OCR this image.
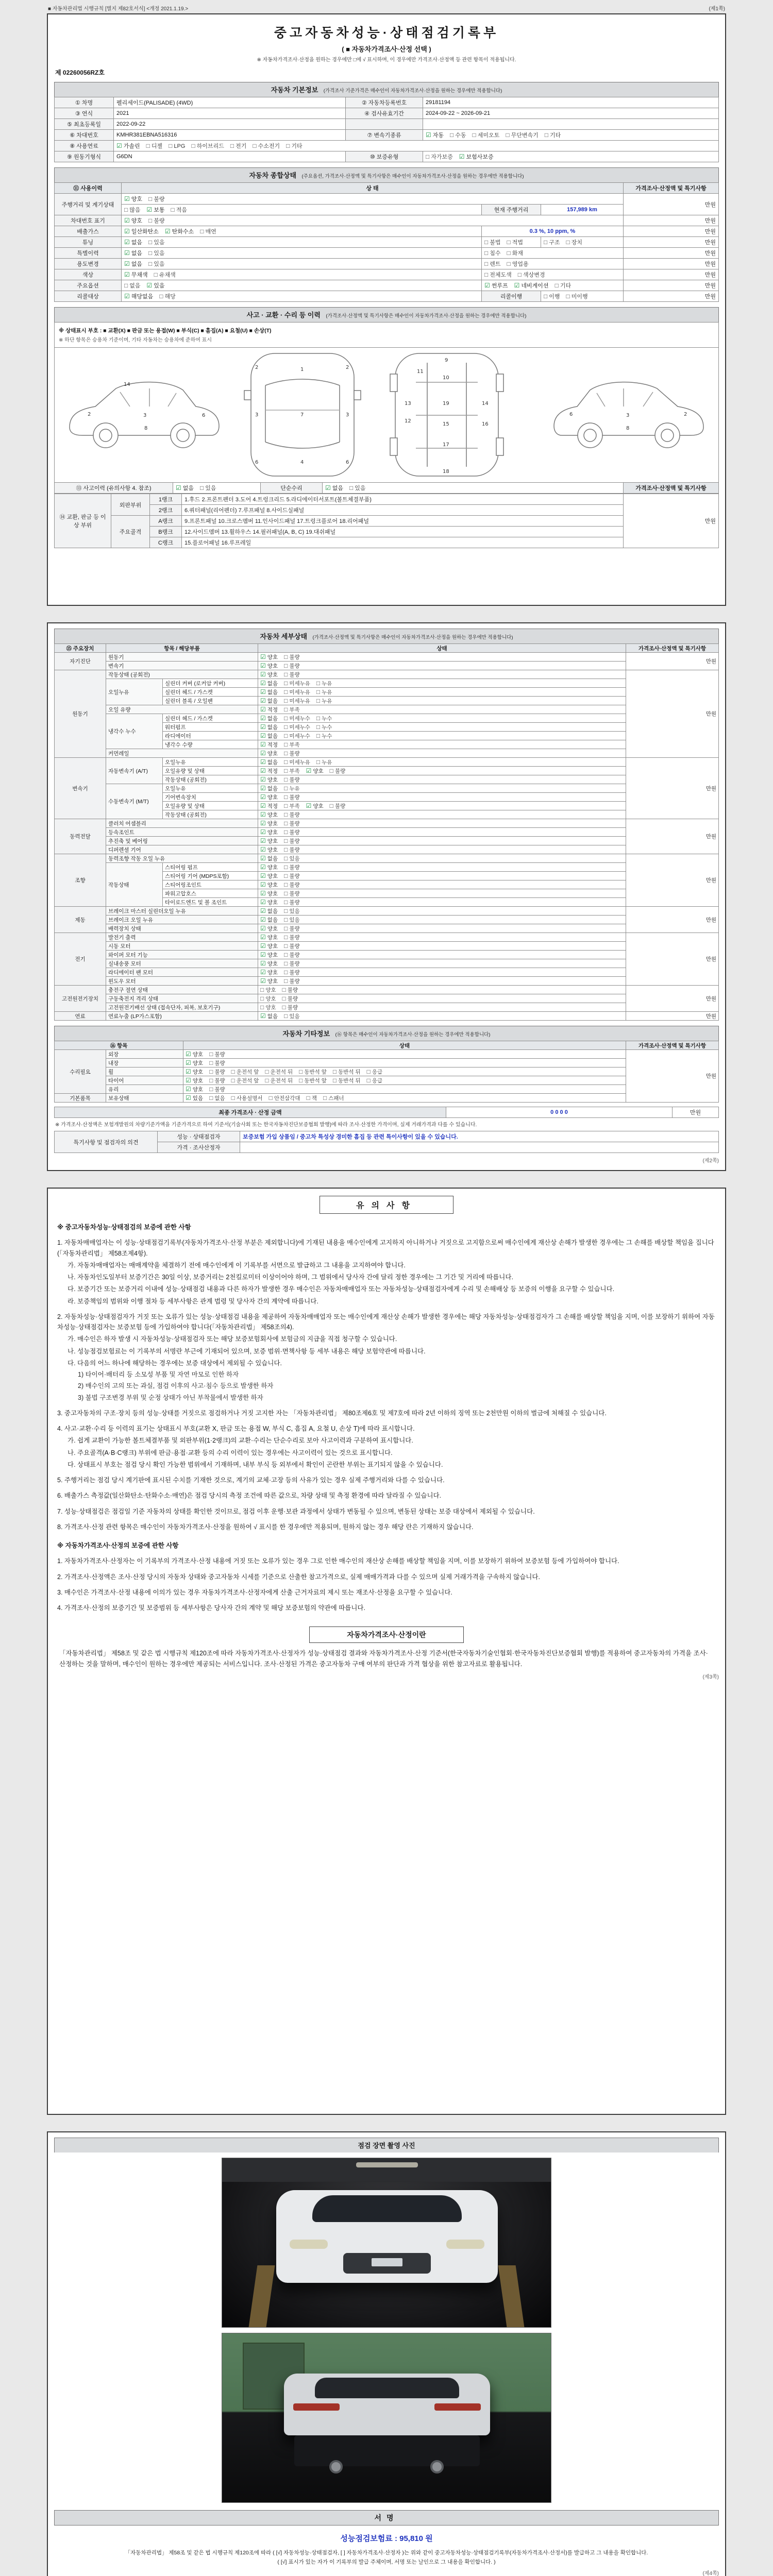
■ 자동차관리법 시행규칙 [별지 제82호서식] <개정 2021.1.19.>	(제1쪽)
중고자동차성능·상태점검기록부
( ■ 자동차가격조사·산정 선택 )
※ 자동차가격조사·산정을 원하는 경우에만 □에 √ 표시하며, 이 경우에만 가격조사·산정액 등 관련 항목이 적용됩니다.
제 02260056RZ호
자동차 기본정보 (가격조사 기준가격은 매수인이 자동차가격조사·산정을 원하는 경우에만 적용합니다)
① 차명	펠리세이드(PALISADE) (4WD)	② 자동차등록번호	29181194
③ 연식	2021	④ 검사유효기간	2024-09-22 ~ 2026-09-21
⑤ 최초등록일	2022-09-22		
⑥ 차대번호	KMHR381EBNA516316	⑦ 변속기종류	☑ 자동 □ 수동 □ 세미오토 □ 무단변속기 □ 기타

⑧ 사용연료	☑ 가솔린 □ 디젤 □ LPG □ 하이브리드 □ 전기 □ 수소전기 □ 기타

⑨ 원동기형식	G6DN	⑩ 보증유형	□ 자가보증 ☑ 보험사보증
자동차 종합상태 (주요옵션, 가격조사·산정액 및 특기사항은 매수인이 자동차가격조사·산정을 원하는 경우에만 적용합니다)
⑪ 사용이력	상 태			가격조사·산정액 및 특기사항
주행거리 및 계기상태	☑ 양호 □ 불량			만원

	□ 많음 ☑ 보통 □ 적음	현재 주행거리	157,989 km	
차대번호 표기	☑ 양호 □ 불량			만원
배출가스	☑ 일산화탄소 ☑ 탄화수소 □ 매연	0.3 %, 10 ppm, %		만원
튜닝	☑ 없음 □ 있음	□ 불법 □ 적법	□ 구조 □ 장치	만원
특별이력	☑ 없음 □ 있음	□ 침수 □ 화재		만원
용도변경	☑ 없음 □ 있음	□ 렌트 □ 영업용		만원
색상	☑ 무채색 □ 유채색	□ 전체도색 □ 색상변경		만원
주요옵션	□ 없음 ☑ 있음	☑ 썬루프 ☑ 네비게이션 □ 기타		만원
리콜대상	☑ 해당없음 □ 해당	리콜이행	□ 이행 □ 미이행	만원
사고 · 교환 · 수리 등 이력 (가격조사·산정액 및 특기사항은 매수인이 자동차가격조사·산정을 원하는 경우에만 적용합니다)
※ 상태표시 부호 : ■ 교환(X) ■ 판금 또는 용접(W) ■ 부식(C) ■ 흠집(A) ■ 요철(U) ■ 손상(T)
※ 하단 항목은 승용차 기준이며, 기타 자동차는 승용차에 준하여 표시
2	3	6
8
14
1
7
4
2	2
3	3
6	6
9
10
11
13
12
14
19
15	16
17
18
6	3	2
8
⑬ 사고이력 (유의사항 4. 참조)	☑ 없음 □ 있음	단순수리	☑ 없음 □ 있음	가격조사·산정액 및 특기사항
⑭ 교환, 판금 등 이상 부위	외판부위	1랭크	1.후드 2.프론트펜더 3.도어 4.트렁크리드 5.라디에이터서포트(볼트체결부품)	만원
		2랭크	6.쿼터패널(리어펜더) 7.루프패널 8.사이드실패널	
	주요골격	A랭크	9.프론트패널 10.크로스멤버 11.인사이드패널 17.트렁크플로어 18.리어패널	
		B랭크	12.사이드멤버 13.휠하우스 14.필러패널(A, B, C) 19.대쉬패널	
		C랭크	15.플로어패널 16.루프레일	
자동차 세부상태 (가격조사·산정액 및 특기사항은 매수인이 자동차가격조사·산정을 원하는 경우에만 적용합니다)
⑮ 주요장치	항목 / 해당부품		상태	가격조사·산정액 및 특기사항
자기진단	원동기		☑ 양호 □ 불량	만원
	변속기		☑ 양호 □ 불량	

원동기	작동상태 (공회전)		☑ 양호 □ 불량	만원
	오일누유	실린더 커버 (로커암 커버)	☑ 없음 □ 미세누유 □ 누유	

		실린더 헤드 / 가스켓	☑ 없음 □ 미세누유 □ 누유	

		실린더 블록 / 오일팬	☑ 없음 □ 미세누유 □ 누유	

	오일 유량		☑ 적정 □ 부족	

	냉각수 누수	실린더 헤드 / 가스켓	☑ 없음 □ 미세누수 □ 누수	

		워터펌프	☑ 없음 □ 미세누수 □ 누수	

		라디에이터	☑ 없음 □ 미세누수 □ 누수	

		냉각수 수량	☑ 적정 □ 부족	

	커먼레일		☑ 양호 □ 불량	

변속기	자동변속기 (A/T)	오일누유	☑ 없음 □ 미세누유 □ 누유	만원
		오일유량 및 상태	☑ 적정 □ 부족 ☑ 양호 □ 불량	

		작동상태 (공회전)	☑ 양호 □ 불량	

	수동변속기 (M/T)	오일누유	☑ 없음 □ 누유	

		기어변속장치	☑ 양호 □ 불량	

		오일유량 및 상태	☑ 적정 □ 부족 ☑ 양호 □ 불량	

		작동상태 (공회전)	☑ 양호 □ 불량	

동력전달	클러치 어셈블리		☑ 양호 □ 불량	만원
	등속조인트		☑ 양호 □ 불량	

	추진축 및 베어링		☑ 양호 □ 불량	

	디퍼렌셜 기어		☑ 양호 □ 불량	

조향	동력조향 작동 오일 누유		☑ 없음 □ 있음	만원
	작동상태	스티어링 펌프	☑ 양호 □ 불량	

		스티어링 기어 (MDPS포함)	☑ 양호 □ 불량	

		스티어링조인트	☑ 양호 □ 불량	

		파워고압호스	☑ 양호 □ 불량	

		타이로드엔드 및 볼 조인트	☑ 양호 □ 불량	

제동	브레이크 마스터 실린더오일 누유		☑ 없음 □ 있음	만원
	브레이크 오일 누유		☑ 없음 □ 있음	

	배력장치 상태		☑ 양호 □ 불량	

전기	발전기 출력		☑ 양호 □ 불량	만원
	시동 모터		☑ 양호 □ 불량	

	와이퍼 모터 기능		☑ 양호 □ 불량	

	실내송풍 모터		☑ 양호 □ 불량	

	라디에이터 팬 모터		☑ 양호 □ 불량	

	윈도우 모터		☑ 양호 □ 불량	

고전원전기장치	충전구 절연 상태		□ 양호 □ 불량	만원
	구동축전지 격리 상태		□ 양호 □ 불량	

	고전원전기배선 상태 (접속단자, 피복, 보호기구)		□ 양호 □ 불량	

연료	연료누출 (LP가스포함)		☑ 없음 □ 있음	만원
자동차 기타정보 (⑯ 항목은 매수인이 자동차가격조사·산정을 원하는 경우에만 적용합니다)
⑯ 항목		상태	가격조사·산정액 및 특기사항
수리필요	외장	☑ 양호 □ 불량	만원
	내장	☑ 양호 □ 불량	

휠	☑ 양호 □ 불량 □ 운전석 앞 □ 운전석 뒤 □ 동반석 앞 □ 동반석 뒤 □ 응급

타이어	☑ 양호 □ 불량 □ 운전석 앞 □ 운전석 뒤 □ 동반석 앞 □ 동반석 뒤 □ 응급

	유리	☑ 양호 □ 불량	

기본품목	보유상태	☑ 있음 □ 없음 □ 사용설명서 □ 안전삼각대 □ 잭 □ 스패너
최종 가격조사 · 산정 금액	0 0 0 0	만원
※ 가격조사·산정액은 보험개발원의 차량기준가액을 기준가격으로 하여 기준서(기술사회 또는 한국자동차진단보증협회 발행)에 따라 조사·산정한 가격이며, 실제 거래가격과 다를 수 있습니다.
특기사항 및 점검자의 의견	성능 · 상태점검자	보증보험 가입 상품임 / 중고차 특성상 경미한 흠집 등 관련 특이사항이 있을 수 있습니다.
	가격 · 조사산정자	
(제2쪽)
유의사항
※ 중고자동차성능·상태점검의 보증에 관한 사항
1. 자동차매매업자는 이 성능·상태점검기록부(자동차가격조사·산정 부분은 제외합니다)에 기재된 내용을 매수인에게 고지하지 아니하거나 거짓으로 고지함으로써 매수인에게 재산상 손해가 발생한 경우에는 그 손해를 배상할 책임을 집니다(「자동차관리법」 제58조제4항).
가. 자동차매매업자는 매매계약을 체결하기 전에 매수인에게 이 기록부를 서면으로 발급하고 그 내용을 고지하여야 합니다.
나. 자동차인도일부터 보증기간은 30일 이상, 보증거리는 2천킬로미터 이상이어야 하며, 그 범위에서 당사자 간에 달리 정한 경우에는 그 기간 및 거리에 따릅니다.
다. 보증기간 또는 보증거리 이내에 성능·상태점검 내용과 다른 하자가 발생한 경우 매수인은 자동차매매업자 또는 자동차성능·상태점검자에게 수리 및 손해배상 등 보증의 이행을 요구할 수 있습니다.
라. 보증책임의 범위와 이행 절차 등 세부사항은 관계 법령 및 당사자 간의 계약에 따릅니다.
2. 자동차성능·상태점검자가 거짓 또는 오류가 있는 성능·상태점검 내용을 제공하여 자동차매매업자 또는 매수인에게 재산상 손해가 발생한 경우에는 해당 자동차성능·상태점검자가 그 손해를 배상할 책임을 지며, 이를 보장하기 위하여 자동차성능·상태점검자는 보증보험 등에 가입하여야 합니다(「자동차관리법」 제58조의4).
가. 매수인은 하자 발생 시 자동차성능·상태점검자 또는 해당 보증보험회사에 보험금의 지급을 직접 청구할 수 있습니다.
나. 성능점검보험료는 이 기록부의 서명란 부근에 기재되어 있으며, 보증 범위·면책사항 등 세부 내용은 해당 보험약관에 따릅니다.
다. 다음의 어느 하나에 해당하는 경우에는 보증 대상에서 제외될 수 있습니다.
1) 타이어·배터리 등 소모성 부품 및 자연 마모로 인한 하자
2) 매수인의 고의 또는 과실, 점검 이후의 사고·침수 등으로 발생한 하자
3) 불법 구조변경 부위 및 순정 상태가 아닌 부착물에서 발생한 하자
3. 중고자동차의 구조·장치 등의 성능·상태를 거짓으로 점검하거나 거짓 고지한 자는 「자동차관리법」 제80조제6호 및 제7호에 따라 2년 이하의 징역 또는 2천만원 이하의 벌금에 처해질 수 있습니다.
4. 사고·교환·수리 등 이력의 표기는 상태표시 부호(교환 X, 판금 또는 용접 W, 부식 C, 흠집 A, 요철 U, 손상 T)에 따라 표시합니다.
가. 쉽게 교환이 가능한 볼트체결부품 및 외판부위(1·2랭크)의 교환·수리는 단순수리로 보아 사고이력과 구분하여 표시합니다.
나. 주요골격(A·B·C랭크) 부위에 판금·용접·교환 등의 수리 이력이 있는 경우에는 사고이력이 있는 것으로 표시합니다.
다. 상태표시 부호는 점검 당시 확인 가능한 범위에서 기재하며, 내부 부식 등 외부에서 확인이 곤란한 부위는 표기되지 않을 수 있습니다.
5. 주행거리는 점검 당시 계기판에 표시된 수치를 기재한 것으로, 계기의 교체·고장 등의 사유가 있는 경우 실제 주행거리와 다를 수 있습니다.
6. 배출가스 측정값(일산화탄소·탄화수소·매연)은 점검 당시의 측정 조건에 따른 값으로, 차량 상태 및 측정 환경에 따라 달라질 수 있습니다.
7. 성능·상태점검은 점검일 기준 자동차의 상태를 확인한 것이므로, 점검 이후 운행·보관 과정에서 상태가 변동될 수 있으며, 변동된 상태는 보증 대상에서 제외될 수 있습니다.
8. 가격조사·산정 관련 항목은 매수인이 자동차가격조사·산정을 원하여 √ 표시를 한 경우에만 적용되며, 원하지 않는 경우 해당 란은 기재하지 않습니다.
※ 자동차가격조사·산정의 보증에 관한 사항
1. 자동차가격조사·산정자는 이 기록부의 가격조사·산정 내용에 거짓 또는 오류가 있는 경우 그로 인한 매수인의 재산상 손해를 배상할 책임을 지며, 이를 보장하기 위하여 보증보험 등에 가입하여야 합니다.
2. 가격조사·산정액은 조사·산정 당시의 자동차 상태와 중고자동차 시세를 기준으로 산출한 참고가격으로, 실제 매매가격과 다를 수 있으며 실제 거래가격을 구속하지 않습니다.
3. 매수인은 가격조사·산정 내용에 이의가 있는 경우 자동차가격조사·산정자에게 산출 근거자료의 제시 또는 재조사·산정을 요구할 수 있습니다.
4. 가격조사·산정의 보증기간 및 보증범위 등 세부사항은 당사자 간의 계약 및 해당 보증보험의 약관에 따릅니다.
자동차가격조사·산정이란
「자동차관리법」 제58조 및 같은 법 시행규칙 제120조에 따라 자동차가격조사·산정자가 성능·상태점검 결과와 자동차가격조사·산정 기준서(한국자동차기술인협회·한국자동차진단보증협회 발행)를 적용하여 중고자동차의 가격을 조사·산정하는 것을 말하며, 매수인이 원하는 경우에만 제공되는 서비스입니다. 조사·산정된 가격은 중고자동차 구매 여부의 판단과 가격 협상을 위한 참고자료로 활용됩니다.
(제3쪽)
점검 장면 촬영 사진
서명
성능점검보험료 : 95,810 원
「자동차관리법」 제58조 및 같은 법 시행규칙 제120조에 따라 ( [√] 자동차성능·상태점검자, [ ] 자동차가격조사·산정자 )는 위와 같이 중고자동차성능·상태점검기록부(자동차가격조사·산정서)를 발급하고 그 내용을 확인합니다.
( [√] 표시가 있는 자가 이 기록부의 발급 주체이며, 서명 또는 날인으로 그 내용을 확인합니다. )
(제4쪽)
